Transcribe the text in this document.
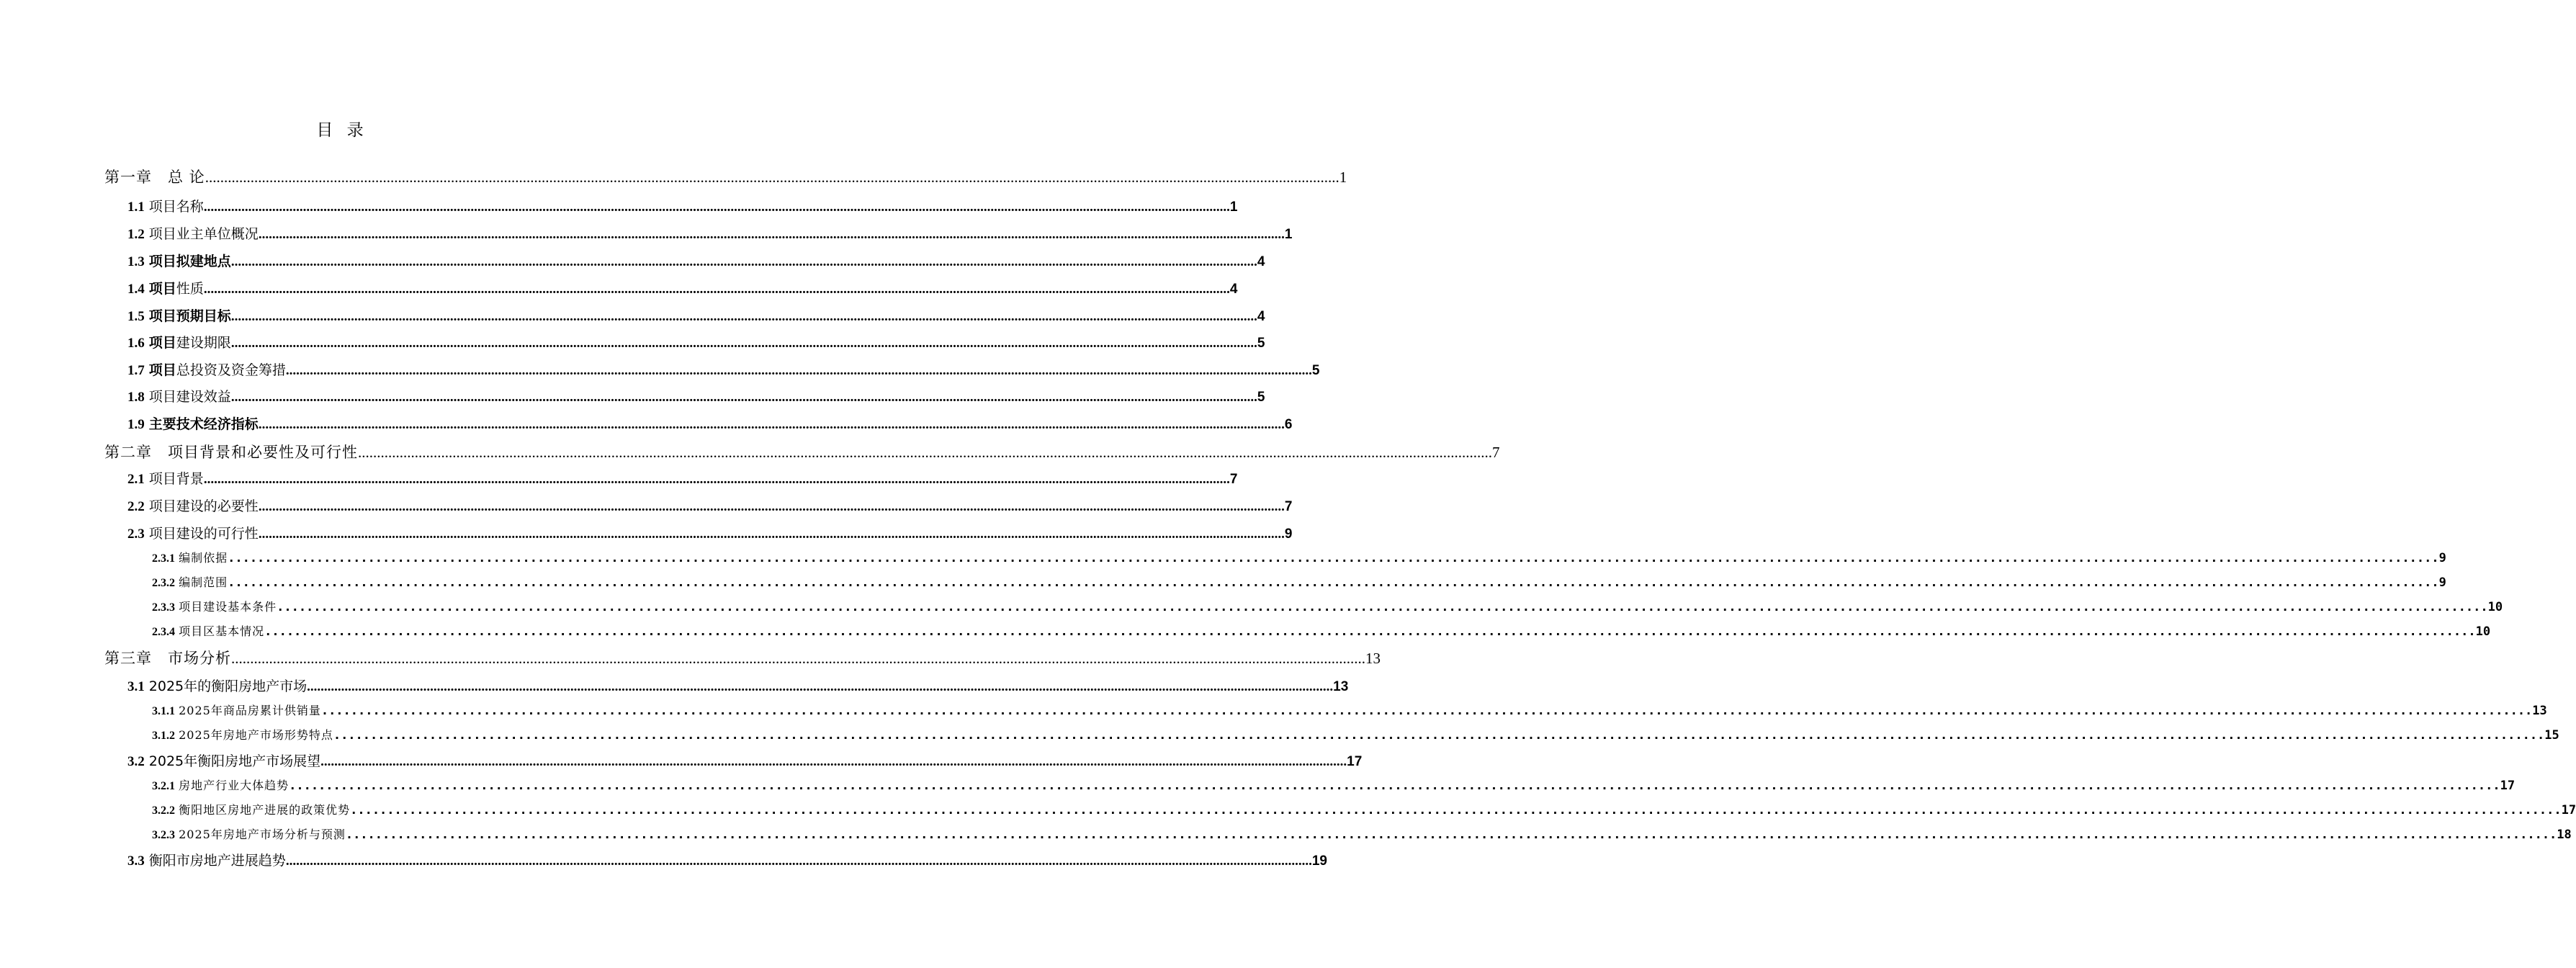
目 录
第一章　总 论 ............................................................................................................................................................................................................................................................................................................ 1
1.1 项目名称 ............................................................................................................................................................................................................................................................................................................ 1
1.2 项目业主单位概况 ............................................................................................................................................................................................................................................................................................................ 1
1.3 项目拟建地点 ............................................................................................................................................................................................................................................................................................................ 4
1.4 项目性质 ............................................................................................................................................................................................................................................................................................................ 4
1.5 项目预期目标 ............................................................................................................................................................................................................................................................................................................ 4
1.6 项目建设期限 ............................................................................................................................................................................................................................................................................................................ 5
1.7 项目总投资及资金筹措 ............................................................................................................................................................................................................................................................................................................ 5
1.8 项目建设效益 ............................................................................................................................................................................................................................................................................................................ 5
1.9 主要技术经济指标 ............................................................................................................................................................................................................................................................................................................ 6
第二章　项目背景和必要性及可行性 ............................................................................................................................................................................................................................................................................................................ 7
2.1 项目背景 ............................................................................................................................................................................................................................................................................................................ 7
2.2 项目建设的必要性 ............................................................................................................................................................................................................................................................................................................ 7
2.3 项目建设的可行性 ............................................................................................................................................................................................................................................................................................................ 9
2.3.1 编制依据 ............................................................................................................................................................................................................................................................................................................ 9
2.3.2 编制范围 ............................................................................................................................................................................................................................................................................................................ 9
2.3.3 项目建设基本条件 ............................................................................................................................................................................................................................................................................................................ 10
2.3.4 项目区基本情况 ............................................................................................................................................................................................................................................................................................................ 10
第三章　市场分析 ............................................................................................................................................................................................................................................................................................................ 13
3.1 2025年的衡阳房地产市场 ............................................................................................................................................................................................................................................................................................................ 13
3.1.1 2025年商品房累计供销量 ............................................................................................................................................................................................................................................................................................................ 13
3.1.2 2025年房地产市场形势特点 ............................................................................................................................................................................................................................................................................................................ 15
3.2 2025年衡阳房地产市场展望 ............................................................................................................................................................................................................................................................................................................ 17
3.2.1 房地产行业大体趋势 ............................................................................................................................................................................................................................................................................................................ 17
3.2.2 衡阳地区房地产进展的政策优势 ............................................................................................................................................................................................................................................................................................................ 17
3.2.3 2025年房地产市场分析与预测 ............................................................................................................................................................................................................................................................................................................ 18
3.3 衡阳市房地产进展趋势 ............................................................................................................................................................................................................................................................................................................ 19
